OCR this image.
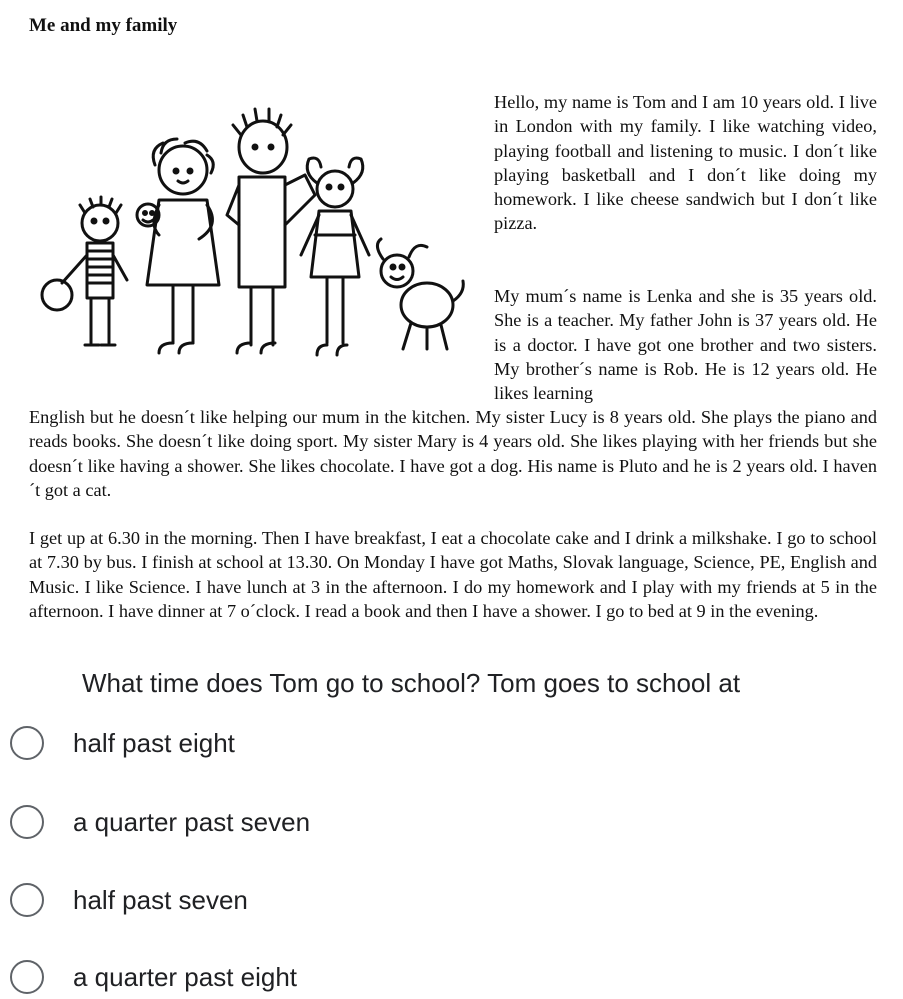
Me and my family

Hello, my name is Tom and I am 10 years old. I live in London with my family. I like watching video, playing football and listening to music. I don´t like playing basketball and I don´t like doing my homework. I like cheese sandwich but I don´t like pizza.

My mum´s name is Lenka and she is 35 years old. She is a teacher. My father John is 37 years old. He is a doctor. I have got one brother and two sisters. My brother´s name is Rob. He is 12 years old. He likes learning

English but he doesn´t like helping our mum in the kitchen. My sister Lucy is 8 years old. She plays the piano and reads books. She doesn´t like doing sport. My sister Mary is 4 years old. She likes playing with her friends but she doesn´t like having a shower. She likes chocolate. I have got a dog. His name is Pluto and he is 2 years old. I haven´t got a cat.

I get up at 6.30 in the morning. Then I have breakfast, I eat a chocolate cake and I drink a milkshake. I go to school at 7.30 by bus. I finish at school at 13.30. On Monday I have got Maths, Slovak language, Science, PE, English and Music. I like Science. I have lunch at 3 in the afternoon. I do my homework and I play with my friends at 5 in the afternoon. I have dinner at 7 o´clock. I read a book and then I have a shower. I go to bed at 9 in the evening.

What time does Tom go to school? Tom goes to school at

half past eight
a quarter past seven
half past seven
a quarter past eight
